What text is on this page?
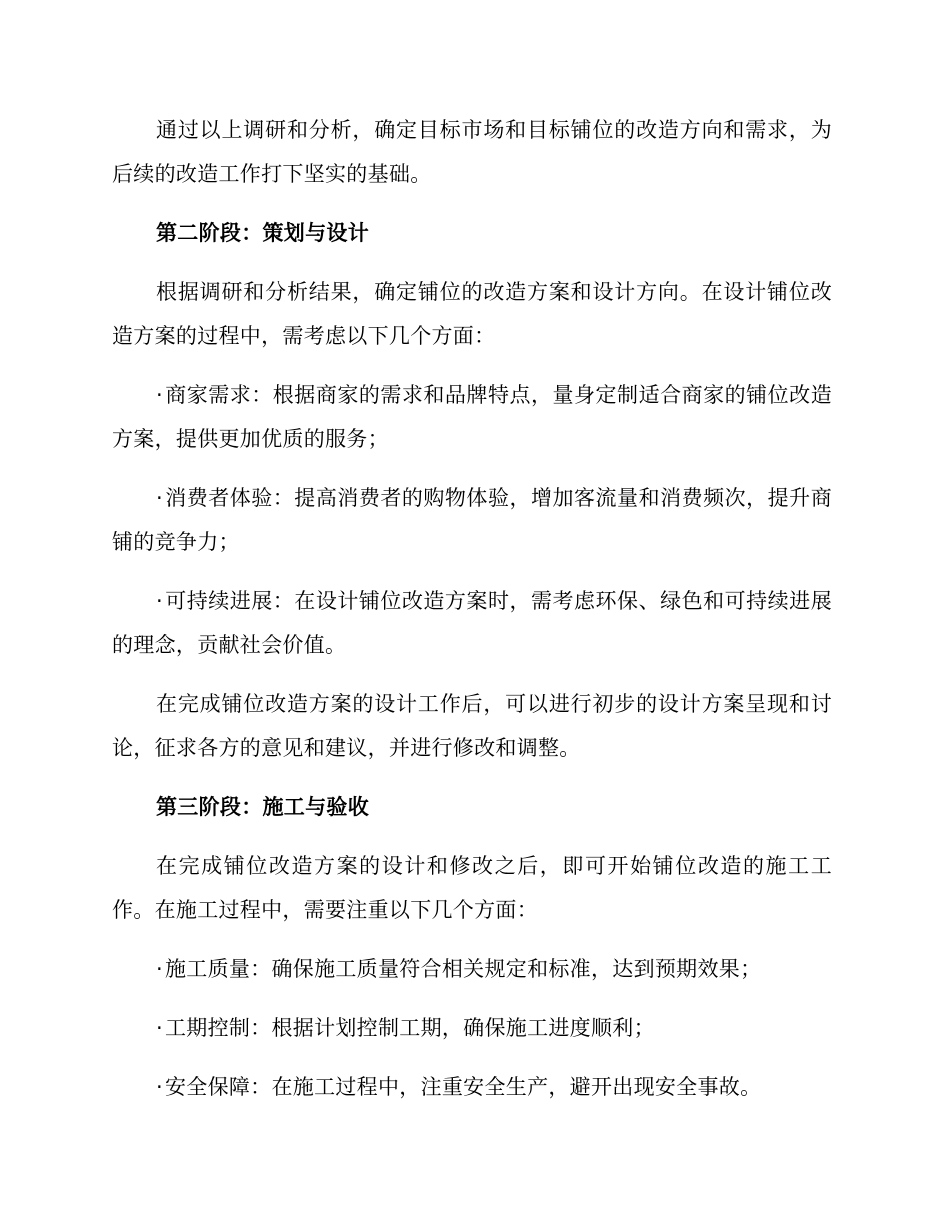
通过以上调研和分析，确定目标市场和目标铺位的改造方向和需求，为后续的改造工作打下坚实的基础。

第二阶段：策划与设计

根据调研和分析结果，确定铺位的改造方案和设计方向。在设计铺位改造方案的过程中，需考虑以下几个方面：

·商家需求：根据商家的需求和品牌特点，量身定制适合商家的铺位改造方案，提供更加优质的服务；

·消费者体验：提高消费者的购物体验，增加客流量和消费频次，提升商铺的竞争力；

·可持续进展：在设计铺位改造方案时，需考虑环保、绿色和可持续进展的理念，贡献社会价值。

在完成铺位改造方案的设计工作后，可以进行初步的设计方案呈现和讨论，征求各方的意见和建议，并进行修改和调整。

第三阶段：施工与验收

在完成铺位改造方案的设计和修改之后，即可开始铺位改造的施工工作。在施工过程中，需要注重以下几个方面：

·施工质量：确保施工质量符合相关规定和标准，达到预期效果；

·工期控制：根据计划控制工期，确保施工进度顺利；

·安全保障：在施工过程中，注重安全生产，避开出现安全事故。
